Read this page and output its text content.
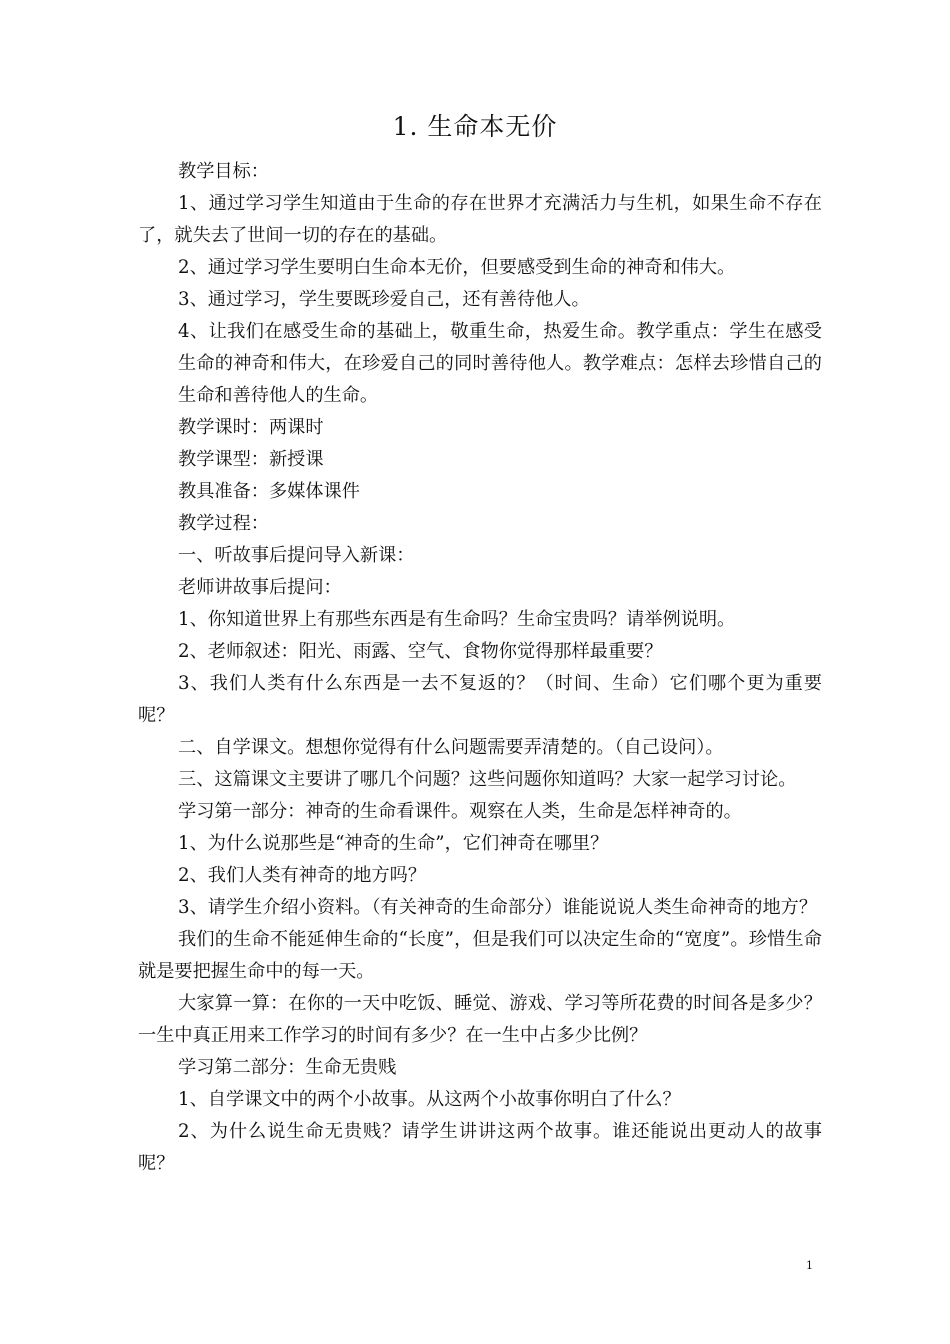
1. 生命本无价

教学目标：

1、通过学习学生知道由于生命的存在世界才充满活力与生机，如果生命不存在了，就失去了世间一切的存在的基础。

2、通过学习学生要明白生命本无价，但要感受到生命的神奇和伟大。

3、通过学习，学生要既珍爱自己，还有善待他人。

4、让我们在感受生命的基础上，敬重生命，热爱生命。教学重点：学生在感受生命的神奇和伟大，在珍爱自己的同时善待他人。教学难点：怎样去珍惜自己的生命和善待他人的生命。

教学课时：两课时

教学课型：新授课

教具准备：多媒体课件

教学过程：

一、听故事后提问导入新课：

老师讲故事后提问：

1、你知道世界上有那些东西是有生命吗？生命宝贵吗？请举例说明。

2、老师叙述：阳光、雨露、空气、食物你觉得那样最重要？

3、我们人类有什么东西是一去不复返的？（时间、生命）它们哪个更为重要呢？

二、自学课文。想想你觉得有什么问题需要弄清楚的。（自己设问）。

三、这篇课文主要讲了哪几个问题？这些问题你知道吗？大家一起学习讨论。

学习第一部分：神奇的生命看课件。观察在人类，生命是怎样神奇的。

1、为什么说那些是“神奇的生命”，它们神奇在哪里？

2、我们人类有神奇的地方吗？

3、请学生介绍小资料。（有关神奇的生命部分）谁能说说人类生命神奇的地方？

我们的生命不能延伸生命的“长度”，但是我们可以决定生命的“宽度”。珍惜生命就是要把握生命中的每一天。

大家算一算：在你的一天中吃饭、睡觉、游戏、学习等所花费的时间各是多少？一生中真正用来工作学习的时间有多少？在一生中占多少比例？

学习第二部分：生命无贵贱

1、自学课文中的两个小故事。从这两个小故事你明白了什么？

2、为什么说生命无贵贱？请学生讲讲这两个故事。谁还能说出更动人的故事呢？

1
